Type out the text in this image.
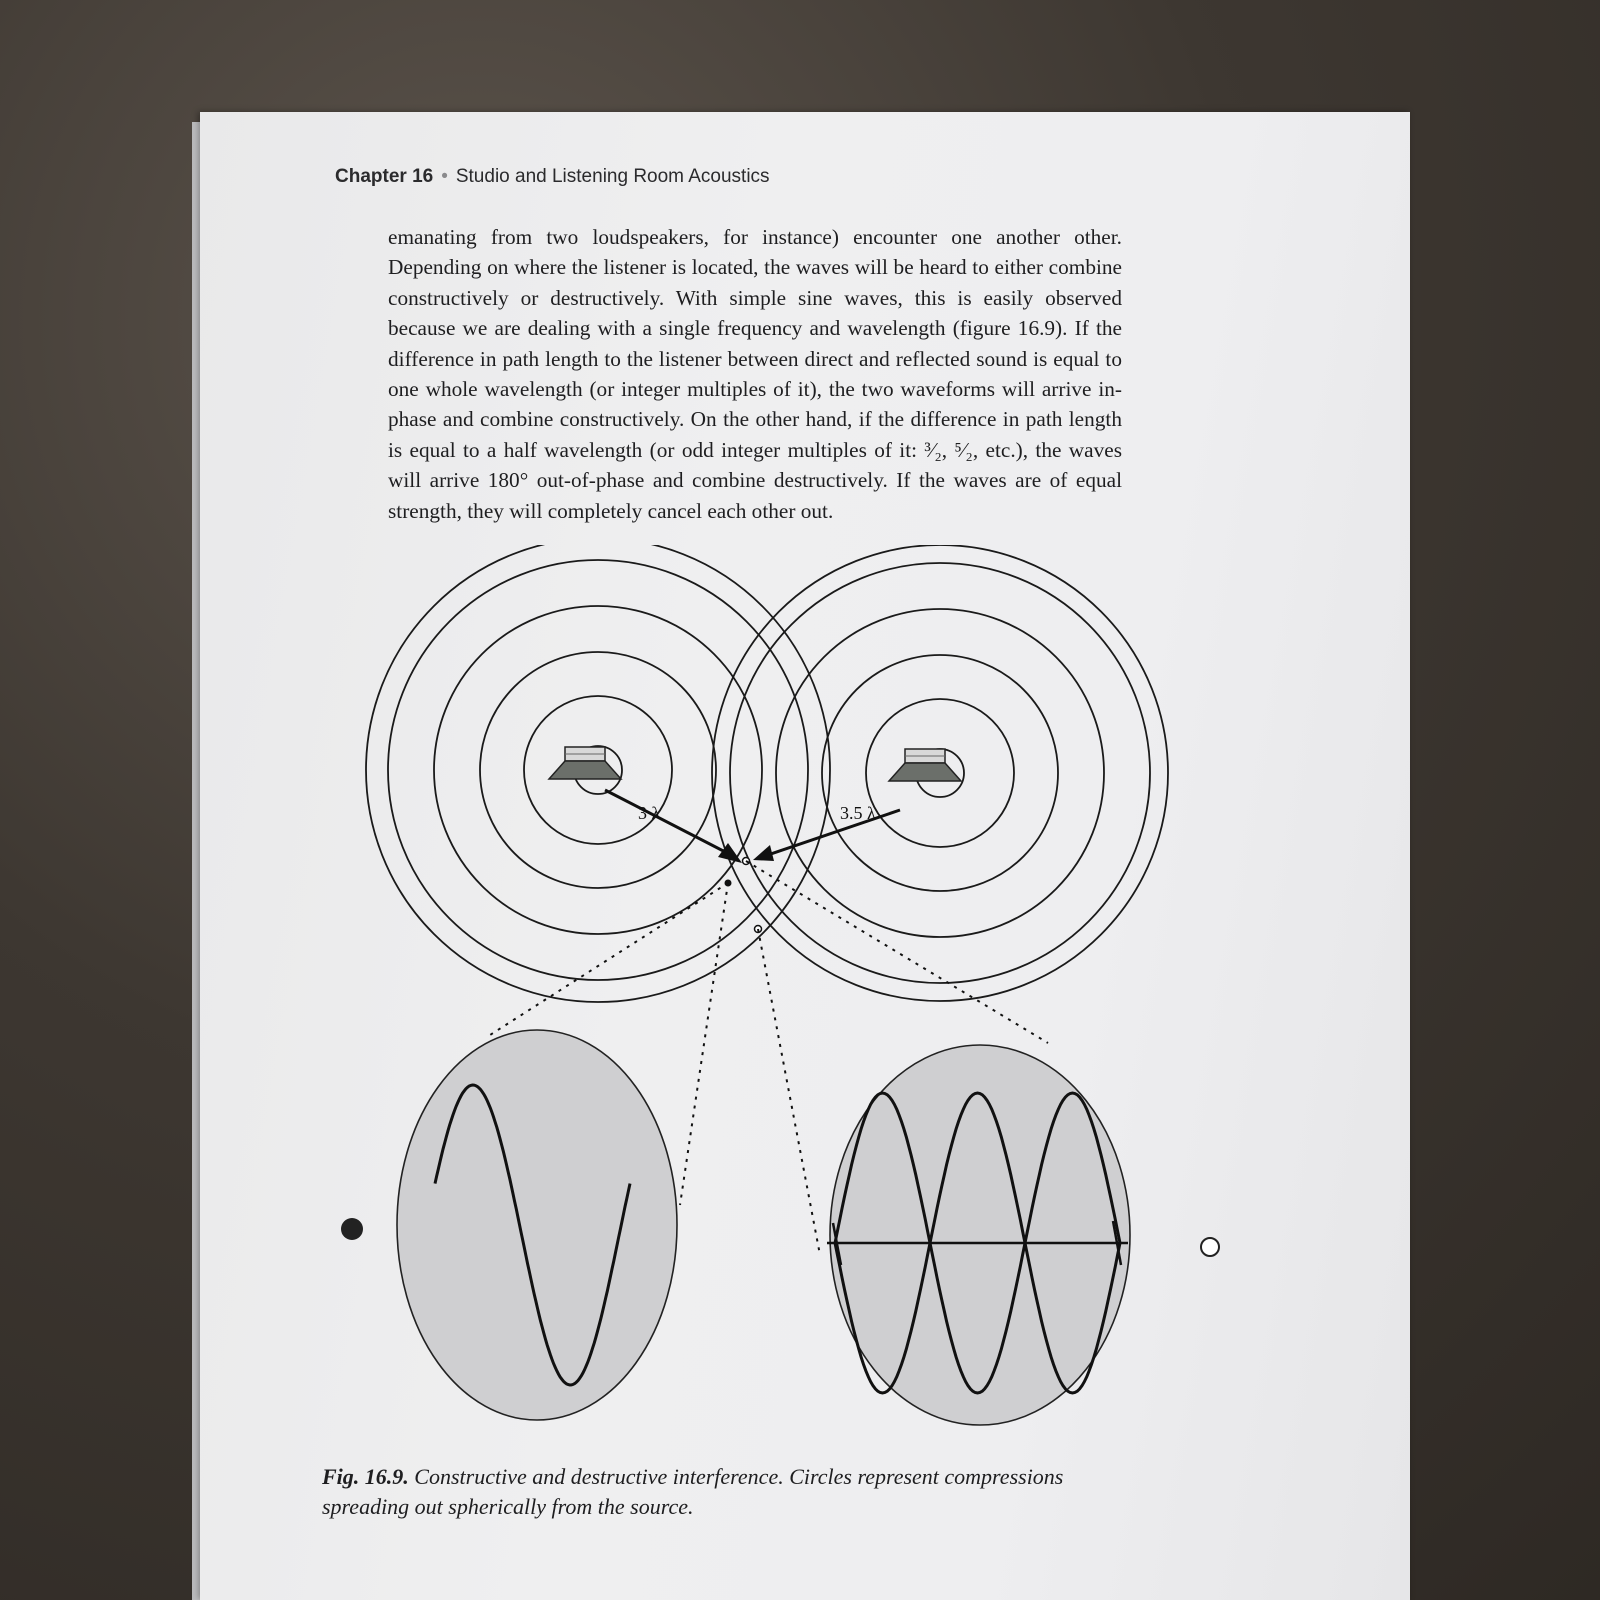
Chapter 16 • Studio and Listening Room Acoustics

emanating from two loudspeakers, for instance) encounter one another other. Depending on where the listener is located, the waves will be heard to either combine constructively or destructively. With simple sine waves, this is easily observed because we are dealing with a single frequency and wavelength (figure 16.9). If the difference in path length to the listener between direct and reflected sound is equal to one whole wavelength (or integer multiples of it), the two waveforms will arrive in-phase and combine constructively. On the other hand, if the difference in path length is equal to a half wavelength (or odd integer multiples of it: ³⁄₂, ⁵⁄₂, etc.), the waves will arrive 180° out-of-phase and combine destructively. If the waves are of equal strength, they will completely cancel each other out.

3 λ	3.5 λ
Fig. 16.9. Constructive and destructive interference. Circles represent compressions spreading out spherically from the source.
